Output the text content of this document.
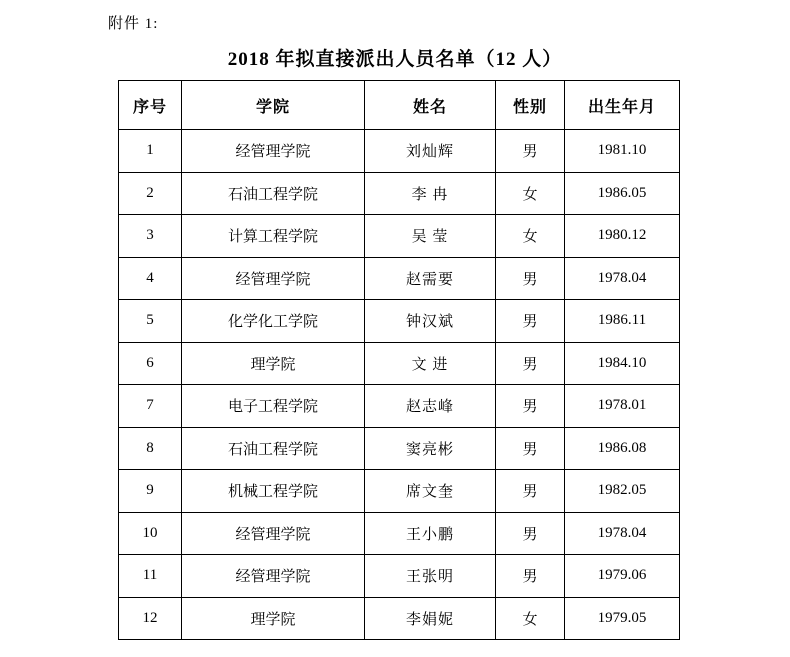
附件 1:
2018 年拟直接派出人员名单（12 人）
序号	学院	姓名	性别	出生年月
1	经管理学院	刘灿辉	男	1981.10
2	石油工程学院	李 冉	女	1986.05
3	计算工程学院	吴 莹	女	1980.12
4	经管理学院	赵需要	男	1978.04
5	化学化工学院	钟汉斌	男	1986.11
6	理学院	文 进	男	1984.10
7	电子工程学院	赵志峰	男	1978.01
8	石油工程学院	窦亮彬	男	1986.08
9	机械工程学院	席文奎	男	1982.05
10	经管理学院	王小鹏	男	1978.04
11	经管理学院	王张明	男	1979.06
12	理学院	李娟妮	女	1979.05
